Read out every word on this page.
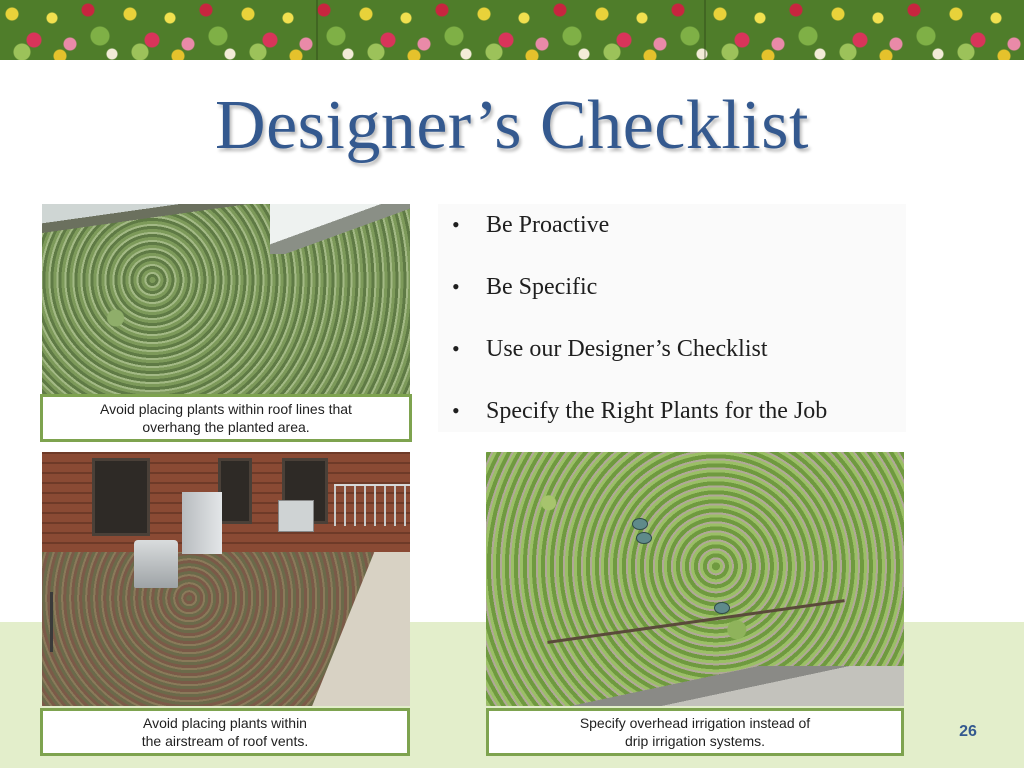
Designer’s Checklist
• Be Proactive
• Be Specific
• Use our Designer’s Checklist
• Specify the Right Plants for the Job
Avoid placing plants within roof lines that
overhang the planted area.
Avoid placing plants within
the airstream of roof vents.
Specify overhead irrigation instead of
drip irrigation systems.
26
